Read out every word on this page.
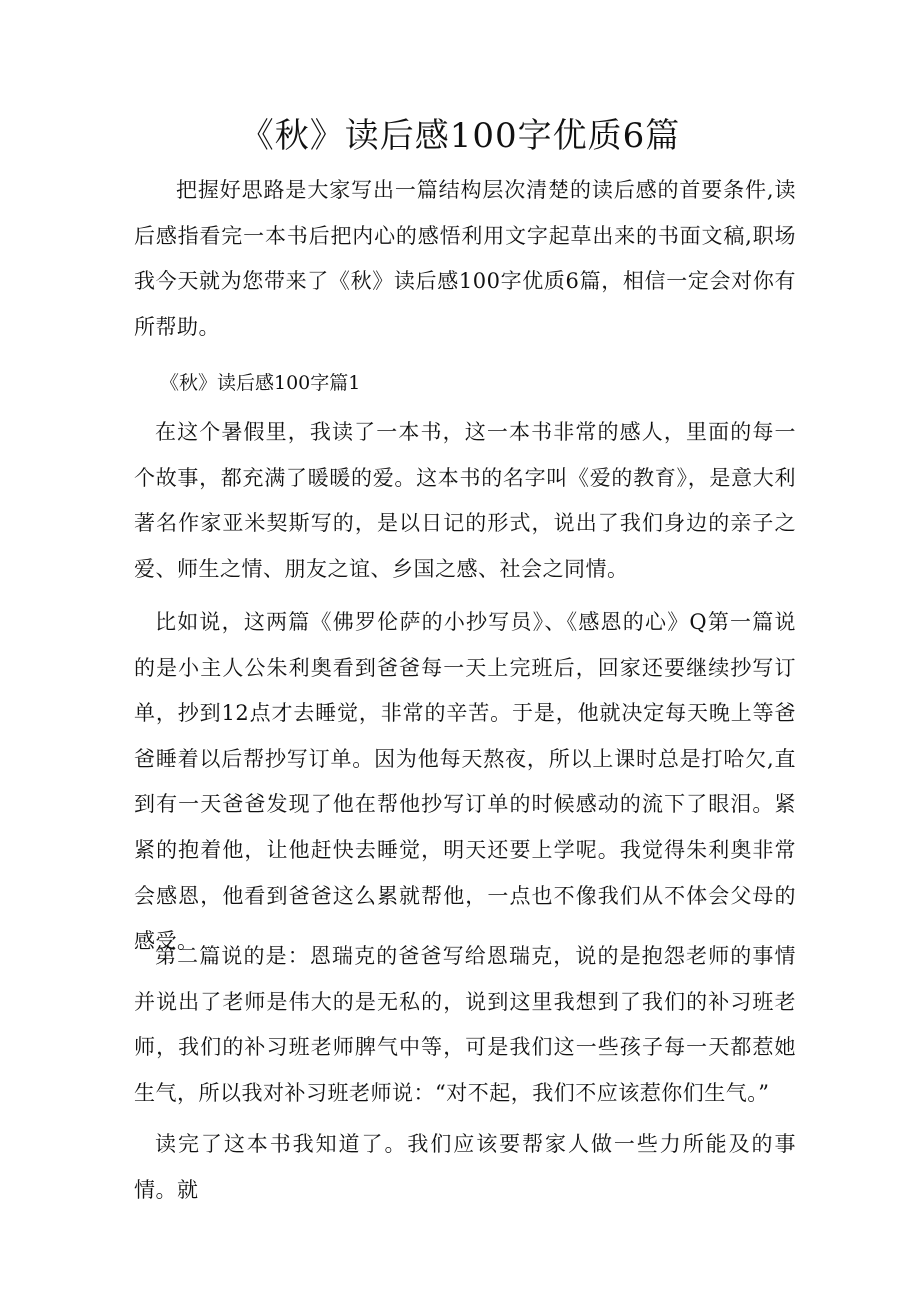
《秋》读后感100字优质6篇

把握好思路是大家写出一篇结构层次清楚的读后感的首要条件,读后感指看完一本书后把内心的感悟利用文字起草出来的书面文稿,职场我今天就为您带来了《秋》读后感100字优质6篇，相信一定会对你有所帮助。

《秋》读后感100字篇1

在这个暑假里，我读了一本书，这一本书非常的感人，里面的每一个故事，都充满了暖暖的爱。这本书的名字叫《爱的教育》，是意大利著名作家亚米契斯写的，是以日记的形式，说出了我们身边的亲子之爱、师生之情、朋友之谊、乡国之感、社会之同情。

比如说，这两篇《佛罗伦萨的小抄写员》、《感恩的心》Q第一篇说的是小主人公朱利奥看到爸爸每一天上完班后，回家还要继续抄写订单，抄到12点才去睡觉，非常的辛苦。于是，他就决定每天晚上等爸爸睡着以后帮抄写订单。因为他每天熬夜，所以上课时总是打哈欠,直到有一天爸爸发现了他在帮他抄写订单的时候感动的流下了眼泪。紧紧的抱着他，让他赶快去睡觉，明天还要上学呢。我觉得朱利奥非常会感恩，他看到爸爸这么累就帮他，一点也不像我们从不体会父母的感受。

第二篇说的是：恩瑞克的爸爸写给恩瑞克，说的是抱怨老师的事情并说出了老师是伟大的是无私的，说到这里我想到了我们的补习班老师，我们的补习班老师脾气中等，可是我们这一些孩子每一天都惹她生气，所以我对补习班老师说：“对不起，我们不应该惹你们生气。”

读完了这本书我知道了。我们应该要帮家人做一些力所能及的事情。就
